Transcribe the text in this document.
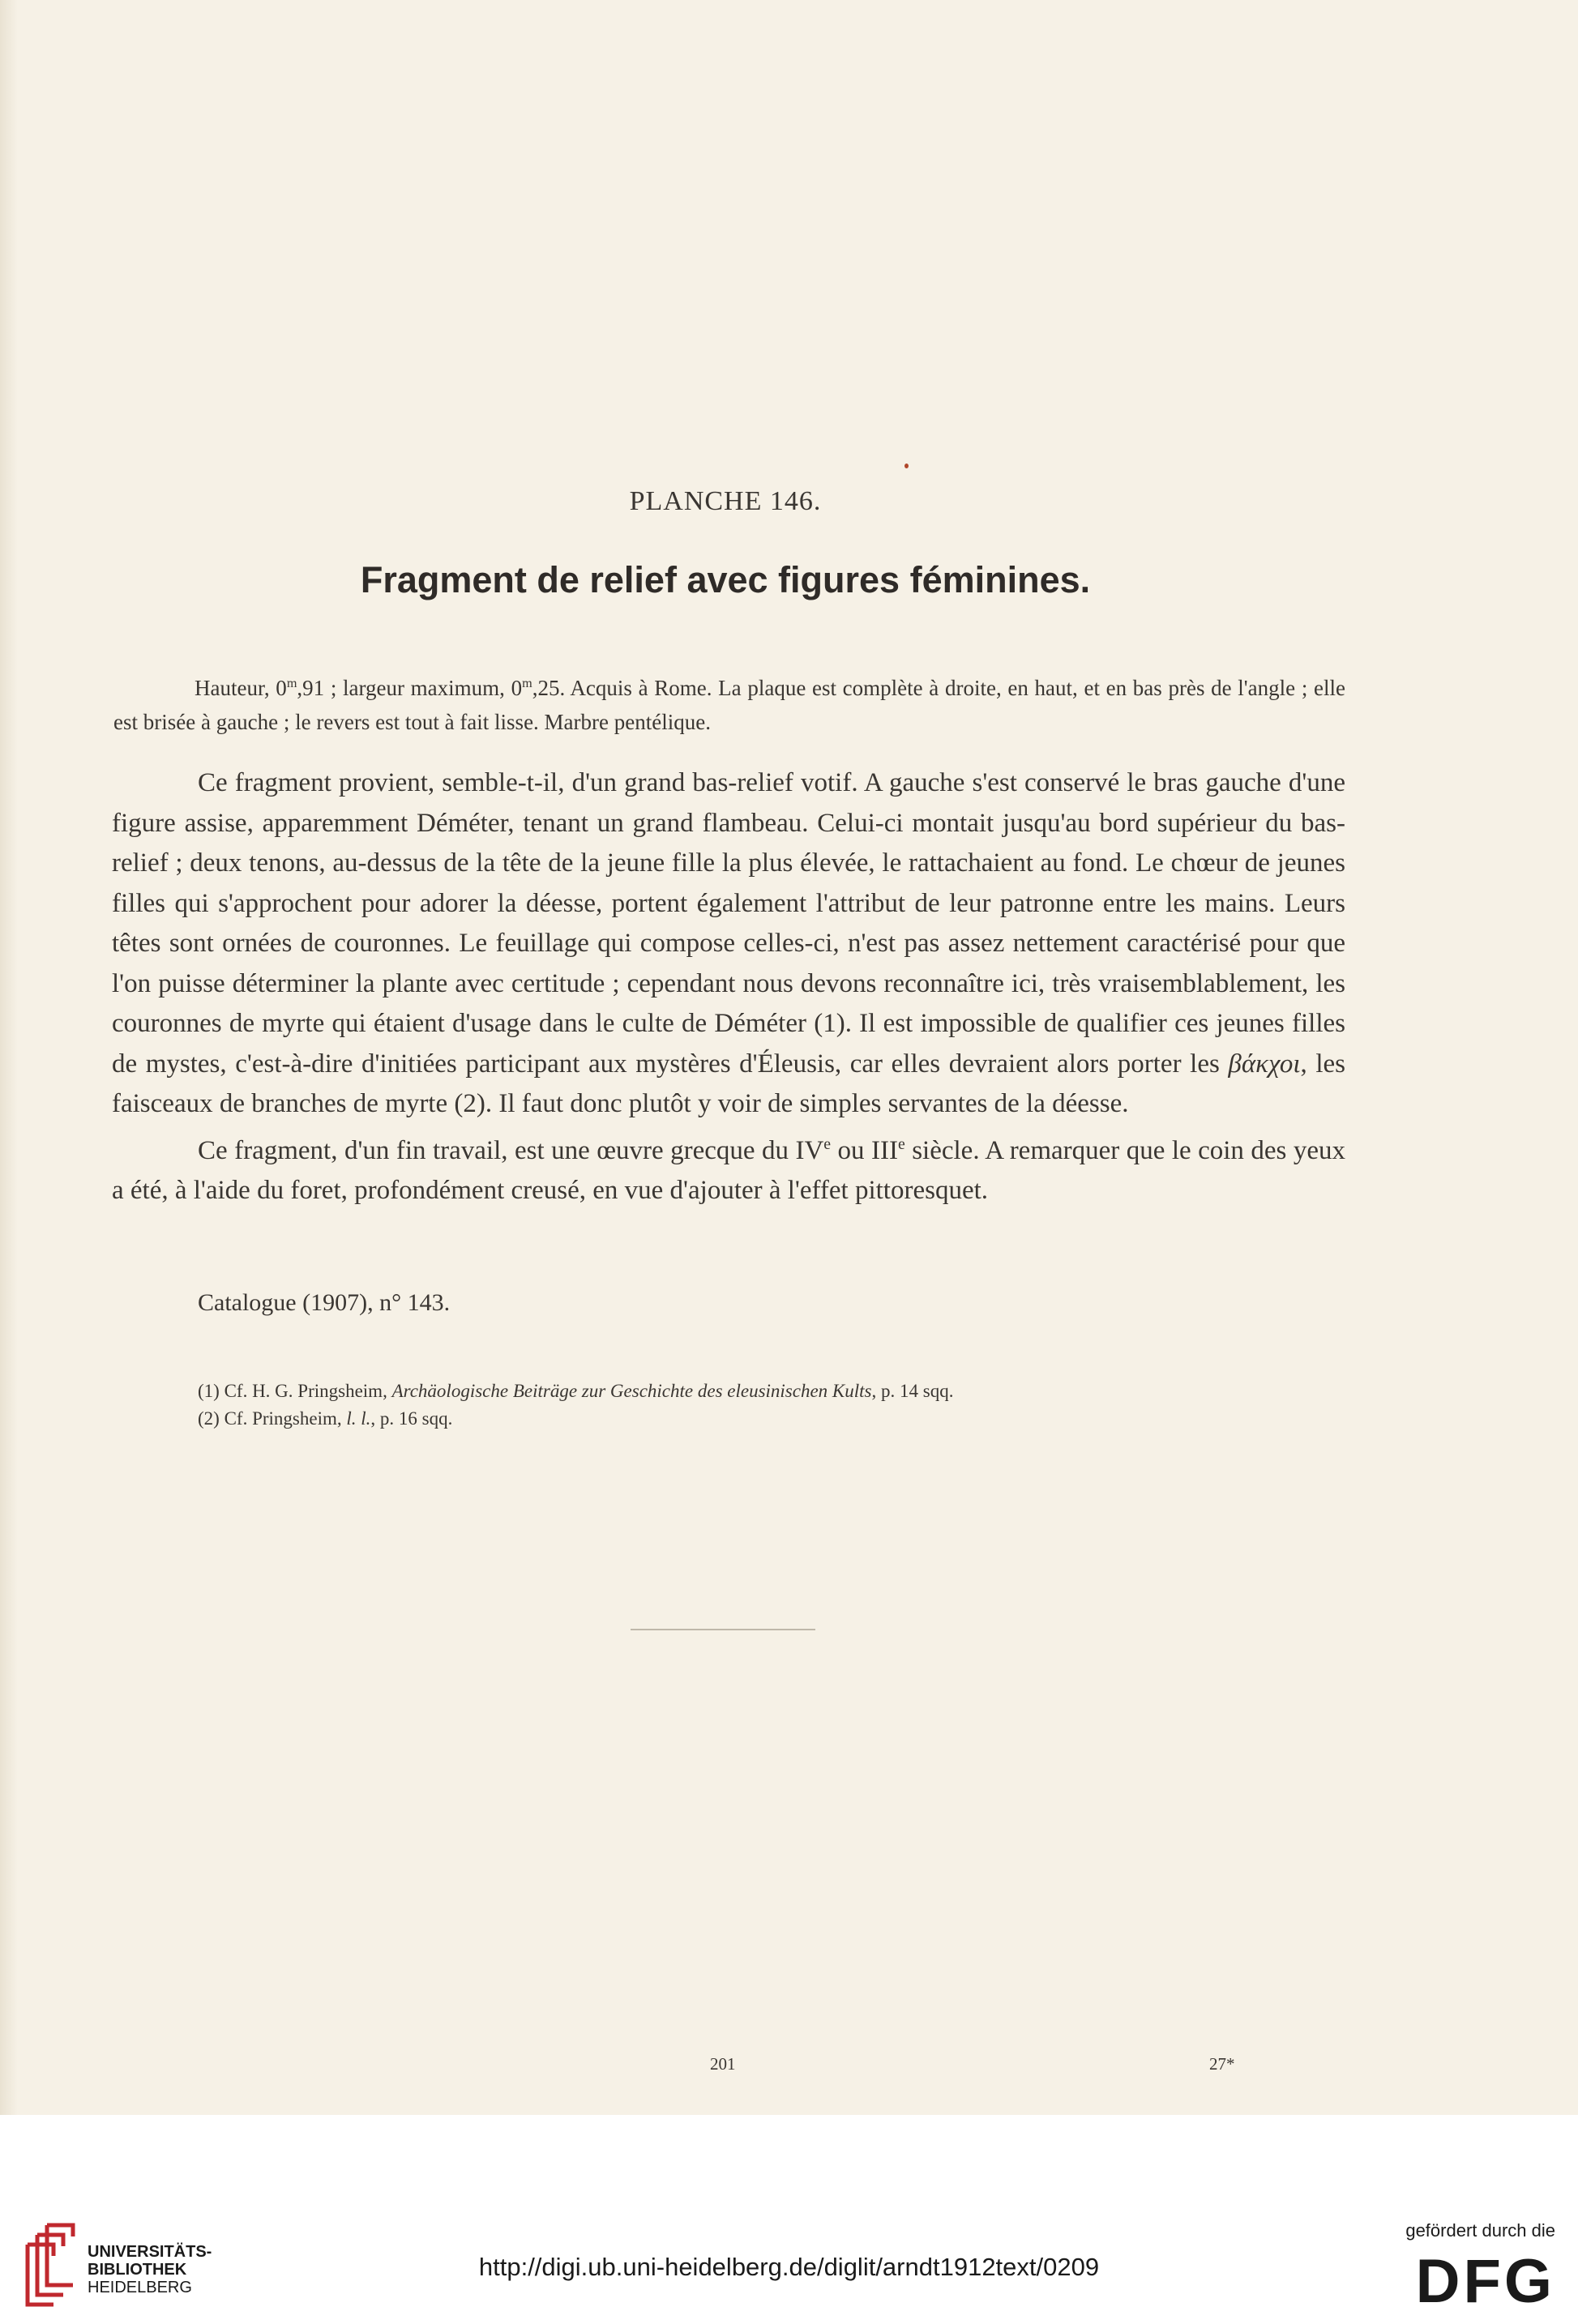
PLANCHE 146.
Fragment de relief avec figures féminines.
Hauteur, 0$^m$,91 ; largeur maximum, 0$^m$,25. Acquis à Rome. La plaque est complète à droite, en haut, et en bas près de l'angle ; elle est brisée à gauche ; le revers est tout à fait lisse. Marbre pentélique.

Ce fragment provient, semble-t-il, d'un grand bas-relief votif. A gauche s'est conservé le bras gauche d'une figure assise, apparemment Déméter, tenant un grand flambeau. Celui-ci montait jusqu'au bord supérieur du bas-relief ; deux tenons, au-dessus de la tête de la jeune fille la plus élevée, le rattachaient au fond. Le chœur de jeunes filles qui s'approchent pour adorer la déesse, portent également l'attribut de leur patronne entre les mains. Leurs têtes sont ornées de couronnes. Le feuillage qui compose celles-ci, n'est pas assez nettement caractérisé pour que l'on puisse déterminer la plante avec certitude ; cependant nous devons reconnaître ici, très vraisemblablement, les couronnes de myrte qui étaient d'usage dans le culte de Déméter (1). Il est impossible de qualifier ces jeunes filles de mystes, c'est-à-dire d'initiées participant aux mystères d'Éleusis, car elles devraient alors porter les βάκχοι, les faisceaux de branches de myrte (2). Il faut donc plutôt y voir de simples servantes de la déesse.

Ce fragment, d'un fin travail, est une œuvre grecque du IVe ou IIIe siècle. A remarquer que le coin des yeux a été, à l'aide du foret, profondément creusé, en vue d'ajouter à l'effet pittoresquet.

Catalogue (1907), n° 143.
(1) Cf. H. G. Pringsheim, Archäologische Beiträge zur Geschichte des eleusinischen Kults, p. 14 sqq.
(2) Cf. Pringsheim, l. l., p. 16 sqq.
201	27*
UNIVERSITÄTS-
BIBLIOTHEK
HEIDELBERG
http://digi.ub.uni-heidelberg.de/diglit/arndt1912text/0209
gefördert durch die
DFG
